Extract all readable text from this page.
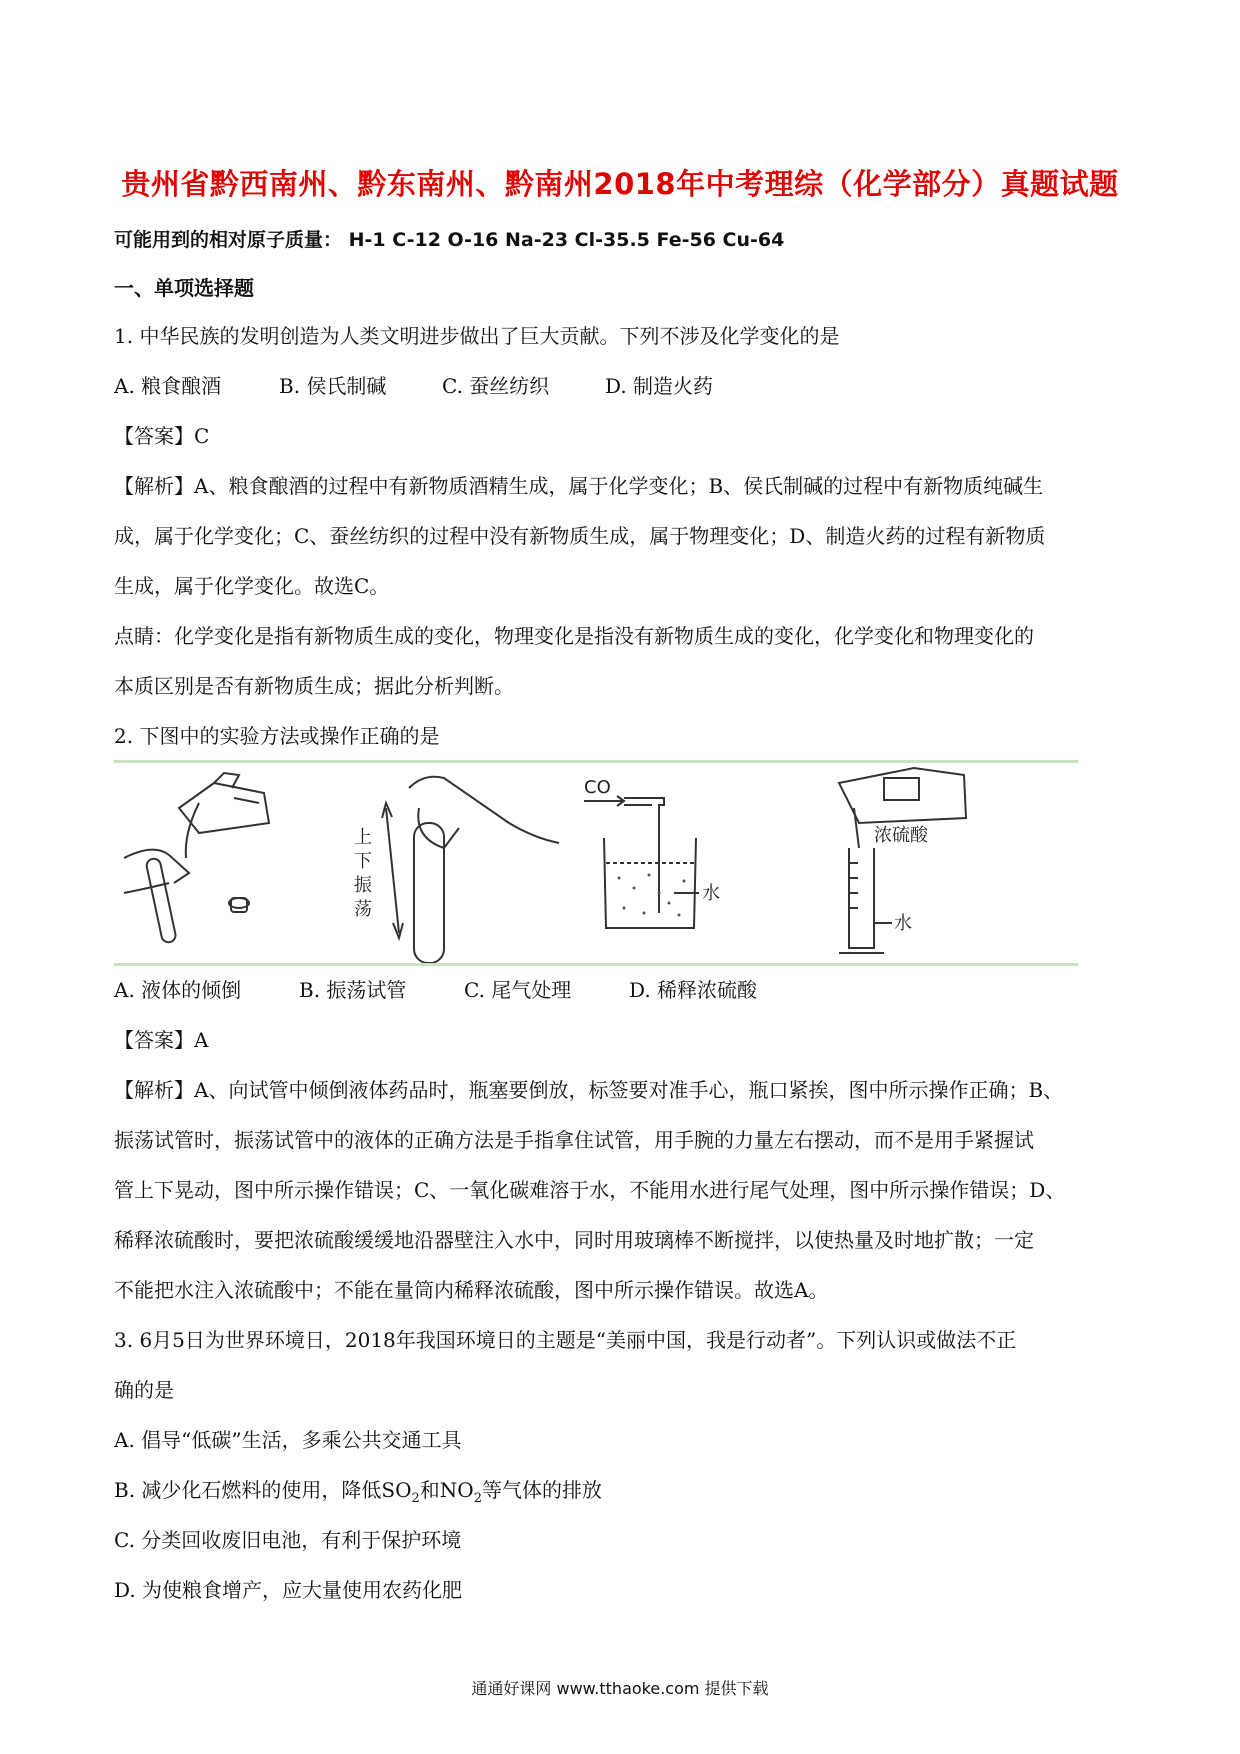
贵州省黔西南州、黔东南州、黔南州2018年中考理综（化学部分）真题试题
可能用到的相对原子质量： H-1 C-12 O-16 Na-23 Cl-35.5 Fe-56 Cu-64
一、单项选择题
1. 中华民族的发明创造为人类文明进步做出了巨大贡献。下列不涉及化学变化的是
A. 粮食酿酒	B. 侯氏制碱	C. 蚕丝纺织	D. 制造火药
【答案】C
【解析】A、粮食酿酒的过程中有新物质酒精生成，属于化学变化；B、侯氏制碱的过程中有新物质纯碱生
成，属于化学变化；C、蚕丝纺织的过程中没有新物质生成，属于物理变化；D、制造火药的过程有新物质
生成，属于化学变化。故选C。
点睛：化学变化是指有新物质生成的变化，物理变化是指没有新物质生成的变化，化学变化和物理变化的
本质区别是否有新物质生成；据此分析判断。
2. 下图中的实验方法或操作正确的是
上
下
振
荡
CO
水
浓硫酸
水
A. 液体的倾倒	B. 振荡试管	C. 尾气处理	D. 稀释浓硫酸
【答案】A
【解析】A、向试管中倾倒液体药品时，瓶塞要倒放，标签要对准手心，瓶口紧挨，图中所示操作正确；B、
振荡试管时，振荡试管中的液体的正确方法是手指拿住试管，用手腕的力量左右摆动，而不是用手紧握试
管上下晃动，图中所示操作错误；C、一氧化碳难溶于水，不能用水进行尾气处理，图中所示操作错误；D、
稀释浓硫酸时，要把浓硫酸缓缓地沿器壁注入水中，同时用玻璃棒不断搅拌，以使热量及时地扩散；一定
不能把水注入浓硫酸中；不能在量筒内稀释浓硫酸，图中所示操作错误。故选A。
3. 6月5日为世界环境日，2018年我国环境日的主题是“美丽中国，我是行动者”。下列认识或做法不正
确的是
A. 倡导“低碳”生活，多乘公共交通工具
B. 减少化石燃料的使用，降低$SO_2$和$NO_2$等气体的排放
C. 分类回收废旧电池，有利于保护环境
D. 为使粮食增产，应大量使用农药化肥
通通好课网 www.tthaoke.com 提供下载
